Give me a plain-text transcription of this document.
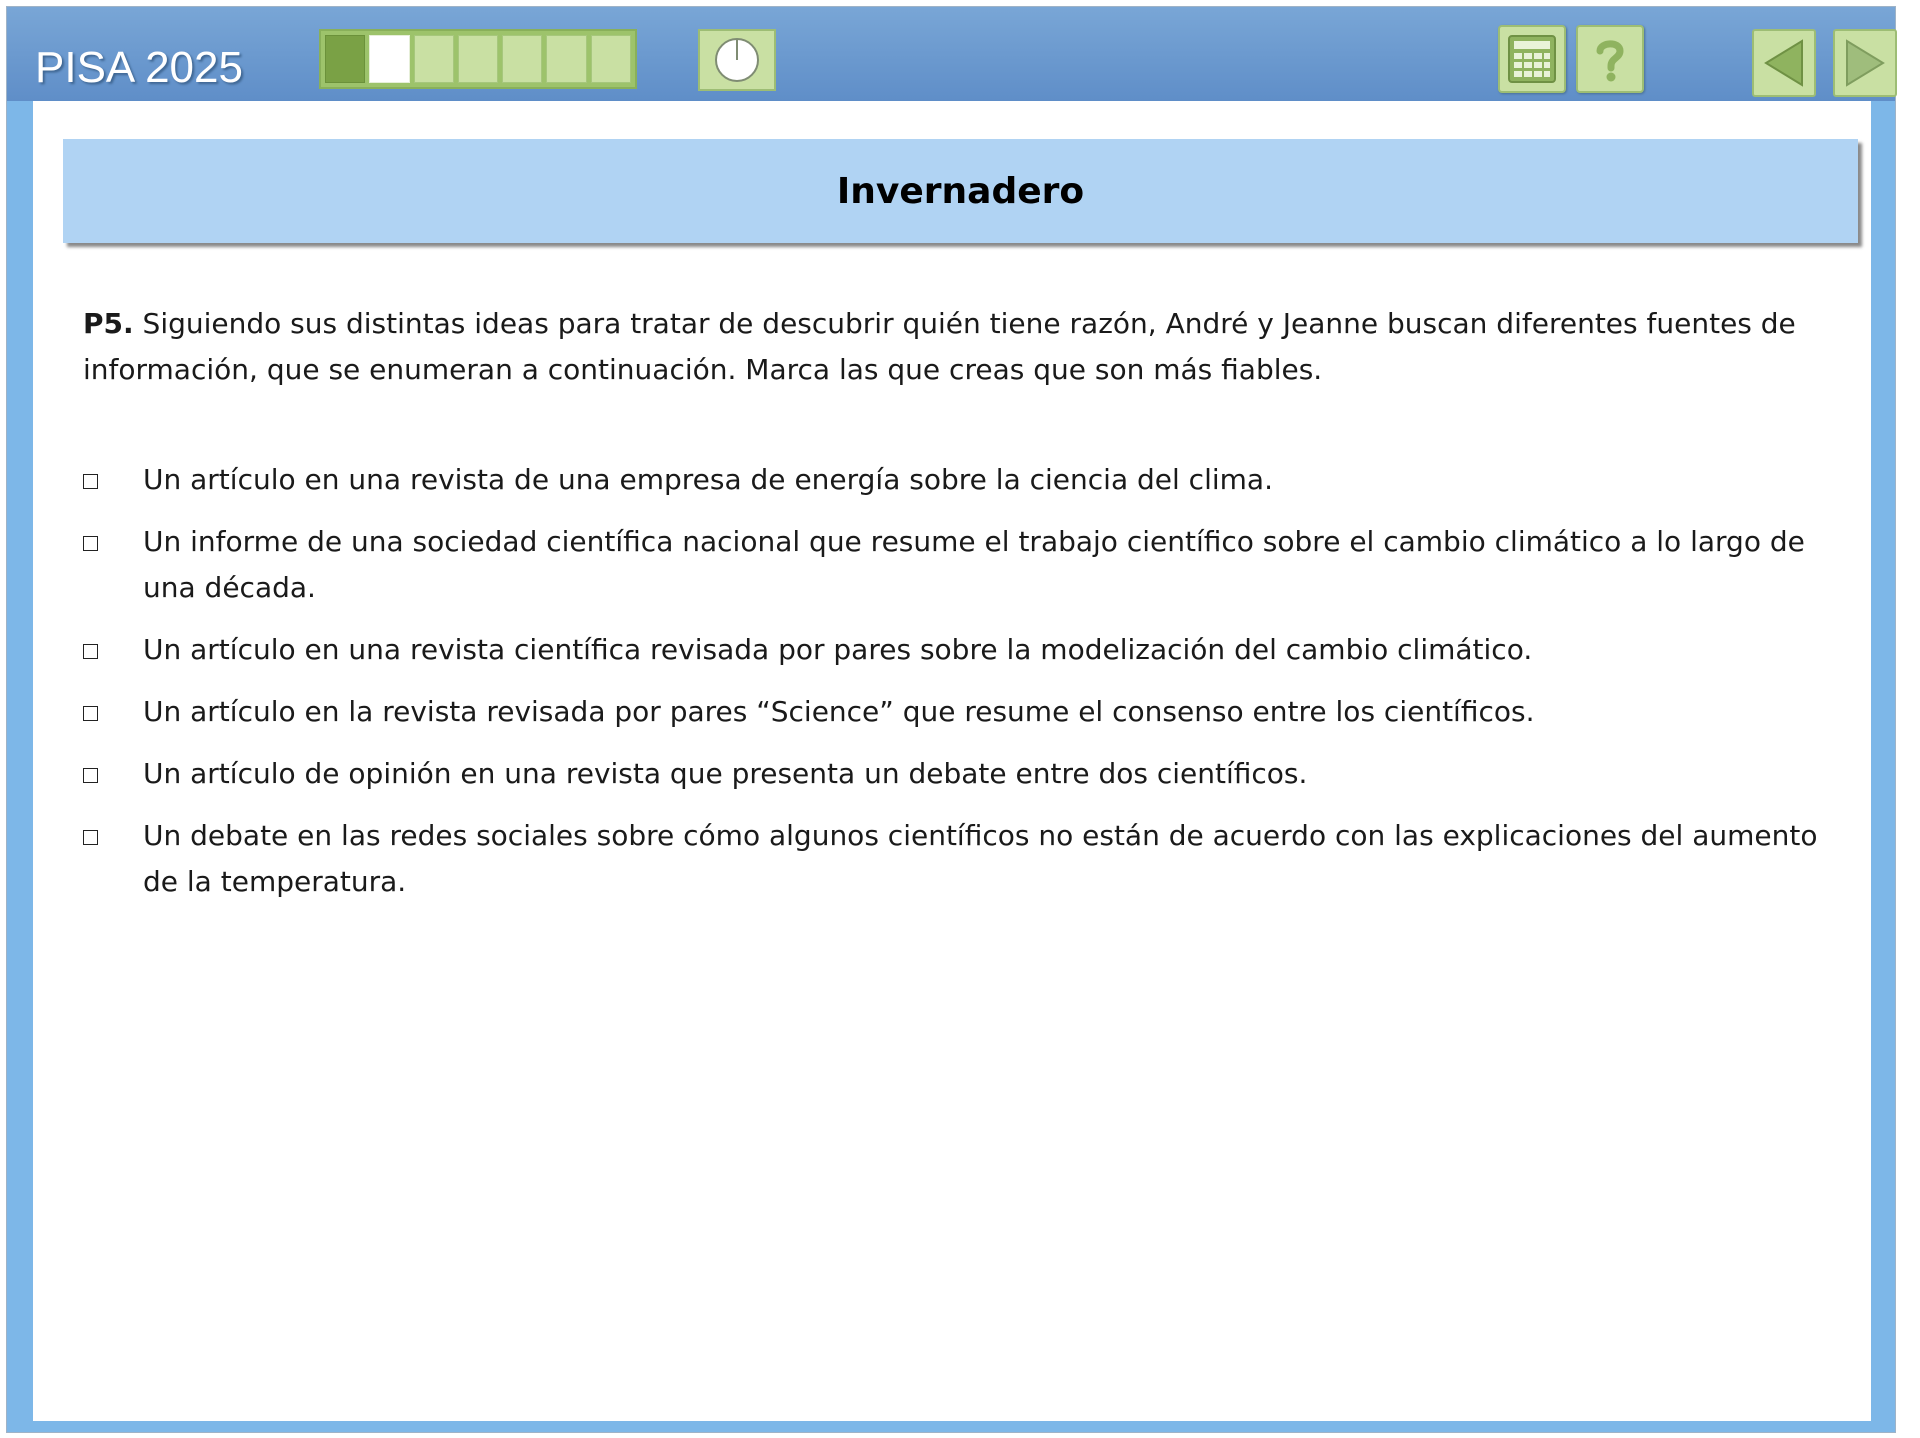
PISA 2025
Invernadero

P5. Siguiendo sus distintas ideas para tratar de descubrir quién tiene razón, André y Jeanne buscan diferentes fuentes de información, que se enumeran a continuación. Marca las que creas que son más fiables.

Un artículo en una revista de una empresa de energía sobre la ciencia del clima.
Un informe de una sociedad científica nacional que resume el trabajo científico sobre el cambio climático a lo largo de una década.
Un artículo en una revista científica revisada por pares sobre la modelización del cambio climático.
Un artículo en la revista revisada por pares “Science” que resume el consenso entre los científicos.
Un artículo de opinión en una revista que presenta un debate entre dos científicos.
Un debate en las redes sociales sobre cómo algunos científicos no están de acuerdo con las explicaciones del aumento de la temperatura.
